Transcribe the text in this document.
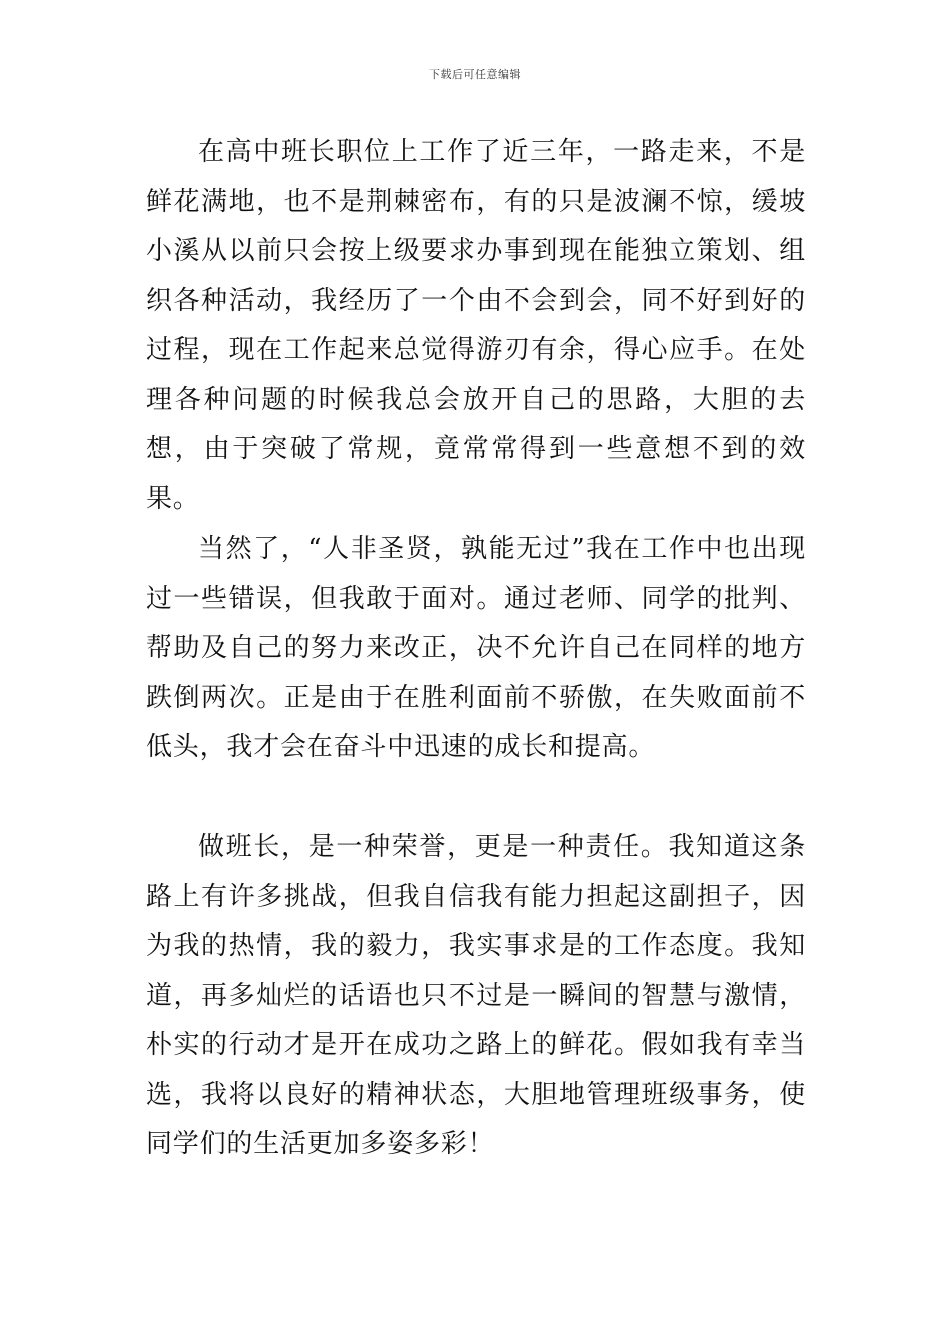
下载后可任意编辑

在高中班长职位上工作了近三年，一路走来，不是鲜花满地，也不是荆棘密布，有的只是波澜不惊，缓坡小溪从以前只会按上级要求办事到现在能独立策划、组织各种活动，我经历了一个由不会到会，同不好到好的过程，现在工作起来总觉得游刃有余，得心应手。在处理各种问题的时候我总会放开自己的思路，大胆的去想，由于突破了常规，竟常常得到一些意想不到的效果。

当然了，“人非圣贤，孰能无过”我在工作中也出现过一些错误，但我敢于面对。通过老师、同学的批判、帮助及自己的努力来改正，决不允许自己在同样的地方跌倒两次。正是由于在胜利面前不骄傲，在失败面前不低头，我才会在奋斗中迅速的成长和提高。

做班长，是一种荣誉，更是一种责任。我知道这条路上有许多挑战，但我自信我有能力担起这副担子，因为我的热情，我的毅力，我实事求是的工作态度。我知道，再多灿烂的话语也只不过是一瞬间的智慧与激情，朴实的行动才是开在成功之路上的鲜花。假如我有幸当选，我将以良好的精神状态，大胆地管理班级事务，使同学们的生活更加多姿多彩！
